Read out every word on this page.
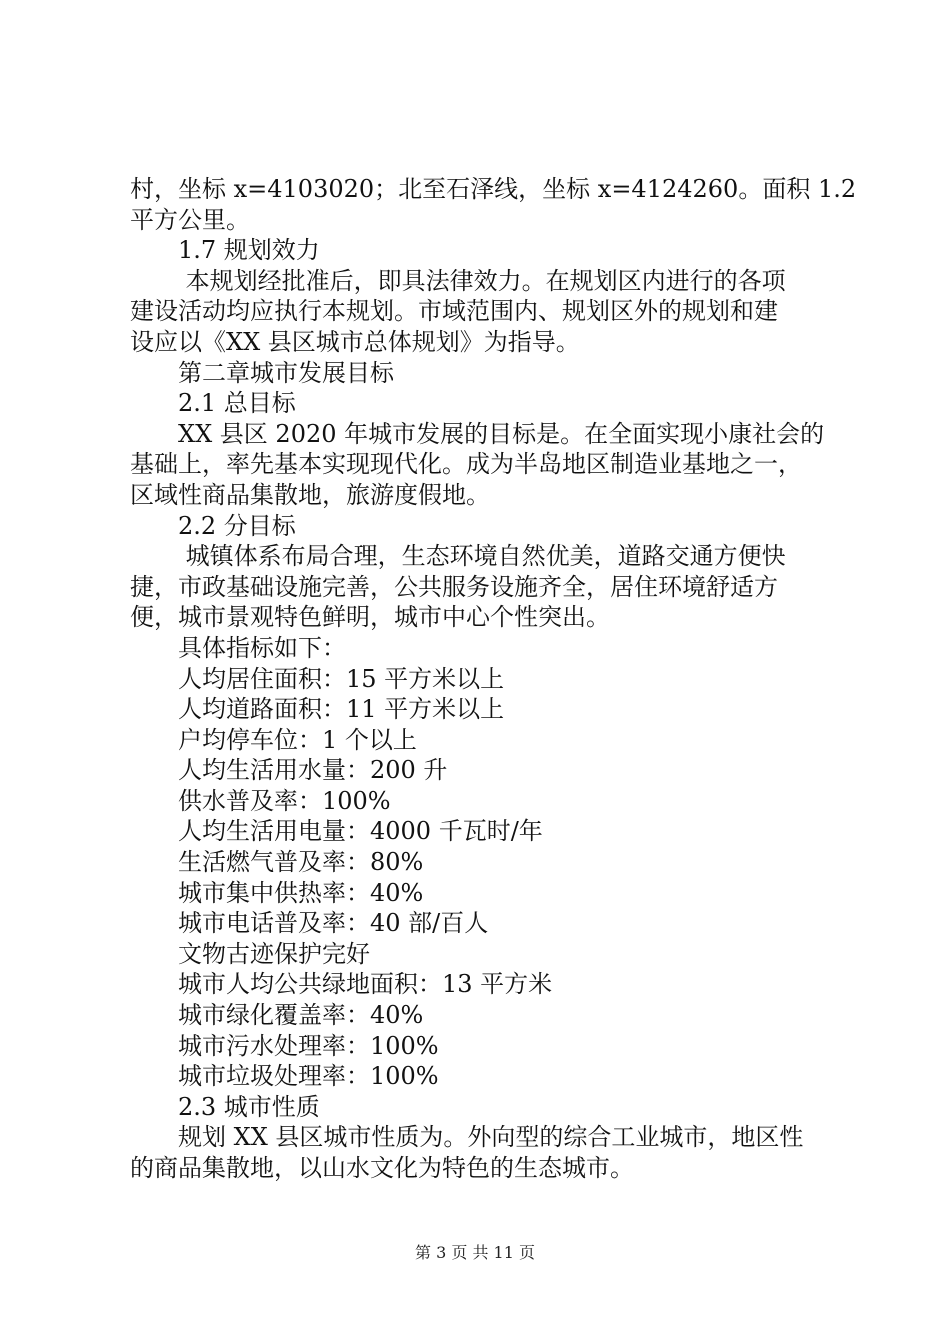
村，坐标 x=4103020；北至石泽线，坐标 x=4124260。面积 1.2
平方公里。
1.7 规划效力
本规划经批准后，即具法律效力。在规划区内进行的各项
建设活动均应执行本规划。市域范围内、规划区外的规划和建
设应以《XX 县区城市总体规划》为指导。
第二章城市发展目标
2.1 总目标
XX 县区 2020 年城市发展的目标是。在全面实现小康社会的
基础上，率先基本实现现代化。成为半岛地区制造业基地之一，
区域性商品集散地，旅游度假地。
2.2 分目标
城镇体系布局合理，生态环境自然优美，道路交通方便快
捷，市政基础设施完善，公共服务设施齐全，居住环境舒适方
便，城市景观特色鲜明，城市中心个性突出。
具体指标如下：
人均居住面积：15 平方米以上
人均道路面积：11 平方米以上
户均停车位：1 个以上
人均生活用水量：200 升
供水普及率：100%
人均生活用电量：4000 千瓦时/年
生活燃气普及率：80%
城市集中供热率：40%
城市电话普及率：40 部/百人
文物古迹保护完好
城市人均公共绿地面积：13 平方米
城市绿化覆盖率：40%
城市污水处理率：100%
城市垃圾处理率：100%
2.3 城市性质
规划 XX 县区城市性质为。外向型的综合工业城市，地区性
的商品集散地，以山水文化为特色的生态城市。
第 3 页 共 11 页
